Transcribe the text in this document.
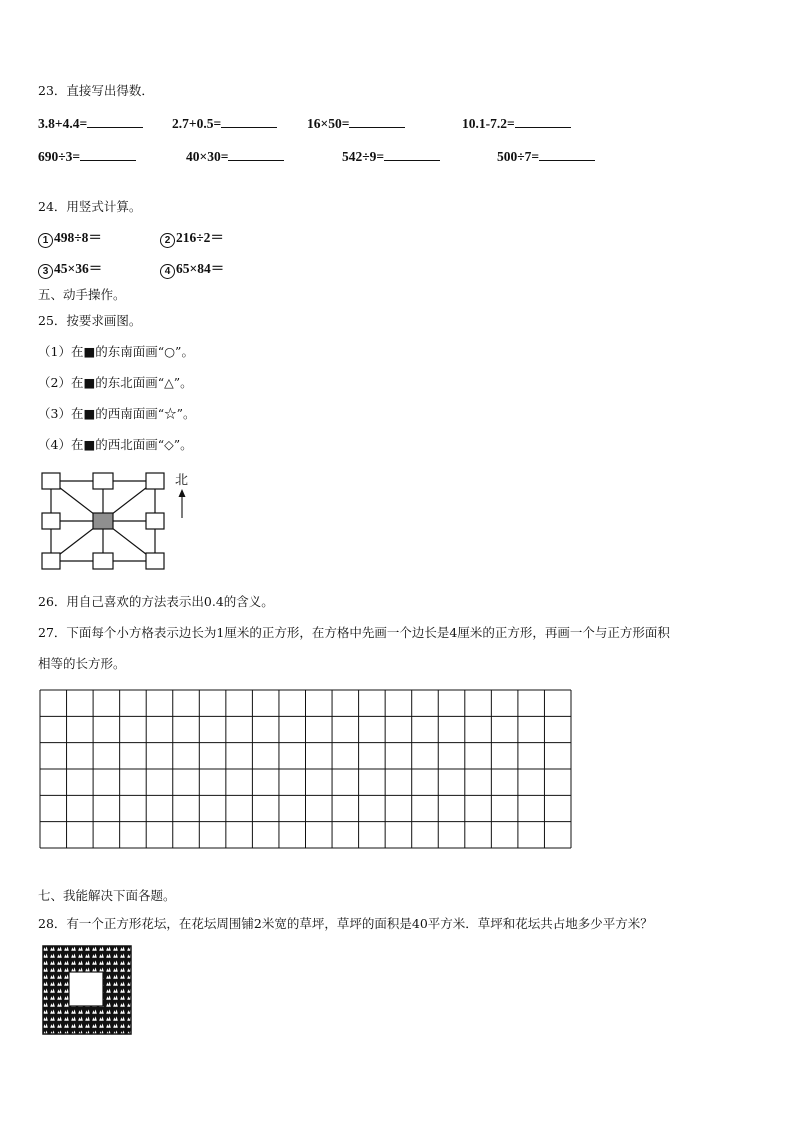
23．直接写出得数．
3.8+4.4=	2.7+0.5=	16×50=	10.1-7.2=
690÷3=	40×30=	542÷9=	500÷7=
24．用竖式计算。
1 498÷8＝	2 216÷2＝
3 45×36＝	4 65×84＝
五、动手操作。
25．按要求画图。
（1）在■的东南面画“○”。
（2）在■的东北面画“△”。
（3）在■的西南面画“☆”。
（4）在■的西北面画“◇”。
北
26．用自己喜欢的方法表示出0.4的含义。
27．下面每个小方格表示边长为1厘米的正方形，在方格中先画一个边长是4厘米的正方形，再画一个与正方形面积
相等的长方形。
七、我能解决下面各题。
28．有一个正方形花坛，在花坛周围铺2米宽的草坪，草坪的面积是40平方米．草坪和花坛共占地多少平方米？
